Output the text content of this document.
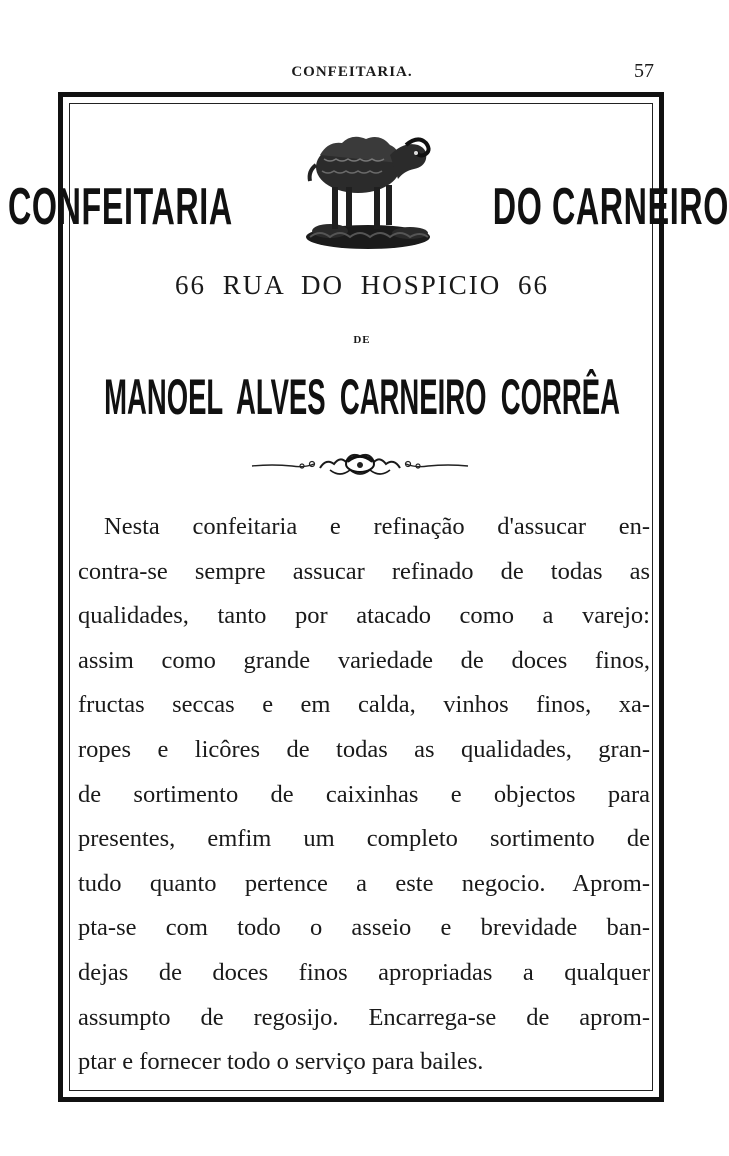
CONFEITARIA.	57
CONFEITARIA	DO CARNEIRO
66 RUA DO HOSPICIO 66
DE
MANOEL ALVES CARNEIRO CORRÊA
Nesta confeitaria e refinação d'assucar en-
contra-se sempre assucar refinado de todas as
qualidades, tanto por atacado como a varejo:
assim como grande variedade de doces finos,
fructas seccas e em calda, vinhos finos, xa-
ropes e licôres de todas as qualidades, gran-
de sortimento de caixinhas e objectos para
presentes, emfim um completo sortimento de
tudo quanto pertence a este negocio. Aprom-
pta-se com todo o asseio e brevidade ban-
dejas de doces finos apropriadas a qualquer
assumpto de regosijo. Encarrega-se de aprom-
ptar e fornecer todo o serviço para bailes.
